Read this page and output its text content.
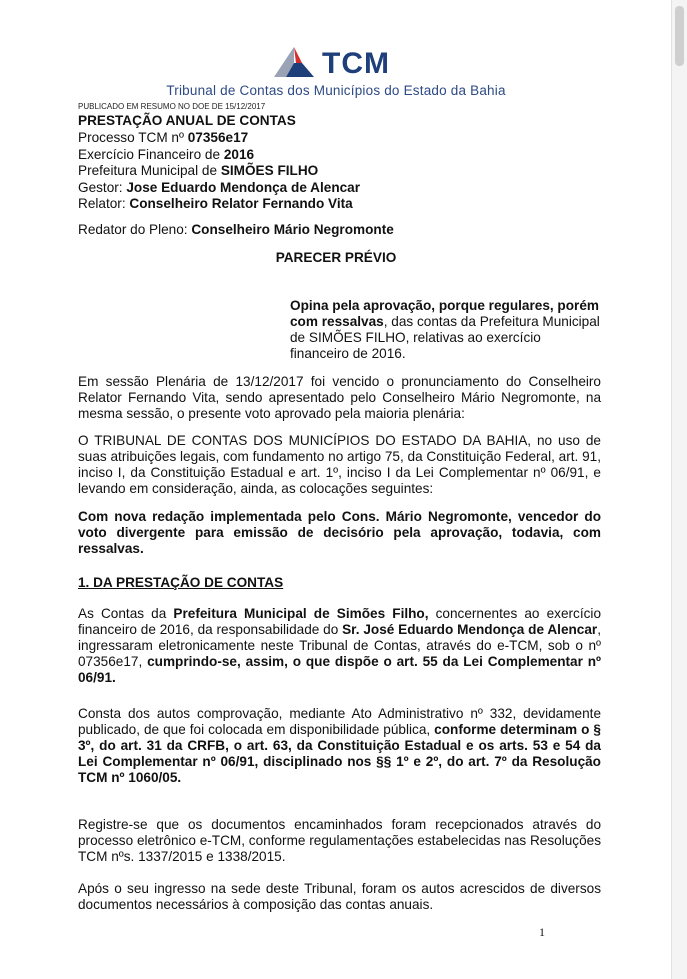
TCM
Tribunal de Contas dos Municípios do Estado da Bahia
PUBLICADO EM RESUMO NO DOE DE 15/12/2017
PRESTAÇÃO ANUAL DE CONTAS
Processo TCM nº 07356e17
Exercício Financeiro de 2016
Prefeitura Municipal de SIMÕES FILHO
Gestor: Jose Eduardo Mendonça de Alencar
Relator: Conselheiro Relator Fernando Vita
Redator do Pleno: Conselheiro Mário Negromonte
PARECER PRÉVIO

Opina pela aprovação, porque regulares, porém com ressalvas, das contas da Prefeitura Municipal de SIMÕES FILHO, relativas ao exercício financeiro de 2016.

Em sessão Plenária de 13/12/2017 foi vencido o pronunciamento do Conselheiro Relator Fernando Vita, sendo apresentado pelo Conselheiro Mário Negromonte, na mesma sessão, o presente voto aprovado pela maioria plenária:

O TRIBUNAL DE CONTAS DOS MUNICÍPIOS DO ESTADO DA BAHIA, no uso de suas atribuições legais, com fundamento no artigo 75, da Constituição Federal, art. 91, inciso I, da Constituição Estadual e art. 1º, inciso I da Lei Complementar nº 06/91, e levando em consideração, ainda, as colocações seguintes:

Com nova redação implementada pelo Cons. Mário Negromonte, vencedor do voto divergente para emissão de decisório pela aprovação, todavia, com ressalvas.

1. DA PRESTAÇÃO DE CONTAS

As Contas da Prefeitura Municipal de Simões Filho, concernentes ao exercício financeiro de 2016, da responsabilidade do Sr. José Eduardo Mendonça de Alencar, ingressaram eletronicamente neste Tribunal de Contas, através do e-TCM, sob o nº 07356e17, cumprindo-se, assim, o que dispõe o art. 55 da Lei Complementar nº 06/91.

Consta dos autos comprovação, mediante Ato Administrativo nº 332, devidamente publicado, de que foi colocada em disponibilidade pública, conforme determinam o § 3º, do art. 31 da CRFB, o art. 63, da Constituição Estadual e os arts. 53 e 54 da Lei Complementar nº 06/91, disciplinado nos §§ 1º e 2º, do art. 7º da Resolução TCM nº 1060/05.

Registre-se que os documentos encaminhados foram recepcionados através do processo eletrônico e-TCM, conforme regulamentações estabelecidas nas Resoluções TCM nºs. 1337/2015 e 1338/2015.

Após o seu ingresso na sede deste Tribunal, foram os autos acrescidos de diversos documentos necessários à composição das contas anuais.

1
